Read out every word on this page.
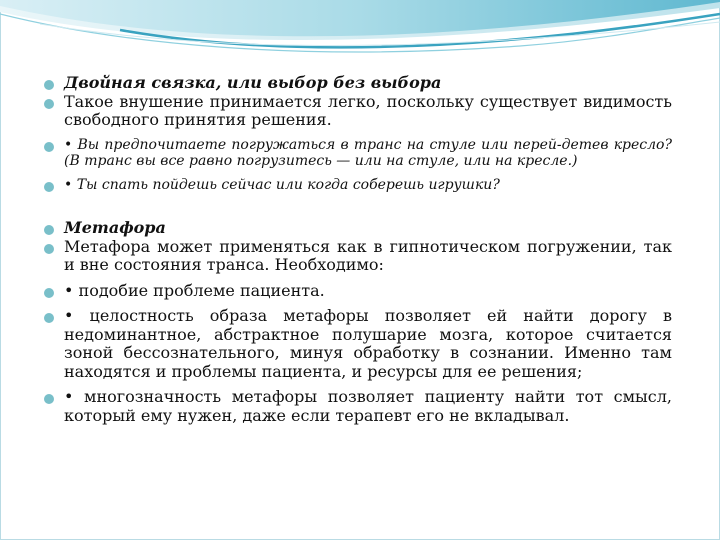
Двойная связка, или выбор без выбора

Такое внушение принимается легко, поскольку существует видимость свободного принятия решения.

• Вы предпочитаете погружаться в транс на стуле или перей-детев кресло? (В транс вы все равно погрузитесь — или на стуле, или на кресле.)

• Ты спать пойдешь сейчас или когда соберешь игрушки?

Метафора

Метафора может применяться как в гипнотическом погружении, так и вне состояния транса. Необходимо:

• подобие проблеме пациента.

• целостность образа метафоры позволяет ей найти дорогу в недоминантное, абстрактное полушарие мозга, которое считается зоной бессознательного, минуя обработку в сознании. Именно там находятся и проблемы пациента, и ресурсы для ее решения;

• многозначность метафоры позволяет пациенту найти тот смысл, который ему нужен, даже если терапевт его не вкладывал.
